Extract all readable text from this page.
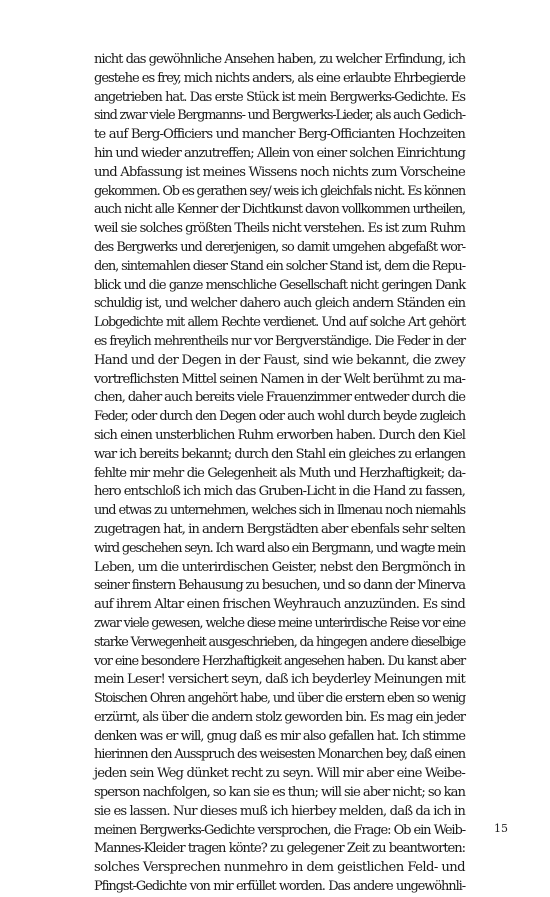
nicht das gewöhnliche Ansehen haben, zu welcher Erfindung, ich
gestehe es frey, mich nichts anders, als eine erlaubte Ehrbegierde
angetrieben hat. Das erste Stück ist mein Bergwerks-Gedichte. Es
sind zwar viele Bergmanns- und Bergwerks-Lieder, als auch Gedich-
te auf Berg-Officiers und mancher Berg-Officianten Hochzeiten
hin und wieder anzutreffen; Allein von einer solchen Einrichtung
und Abfassung ist meines Wissens noch nichts zum Vorscheine
gekommen. Ob es gerathen sey/ weis ich gleichfals nicht. Es können
auch nicht alle Kenner der Dichtkunst davon vollkommen urtheilen,
weil sie solches größten Theils nicht verstehen. Es ist zum Ruhm
des Bergwerks und dererjenigen, so damit umgehen abgefaßt wor-
den, sintemahlen dieser Stand ein solcher Stand ist, dem die Repu-
blick und die ganze menschliche Gesellschaft nicht geringen Dank
schuldig ist, und welcher dahero auch gleich andern Ständen ein
Lobgedichte mit allem Rechte verdienet. Und auf solche Art gehört
es freylich mehrentheils nur vor Bergverständige. Die Feder in der
Hand und der Degen in der Faust, sind wie bekannt, die zwey
vortreflichsten Mittel seinen Namen in der Welt berühmt zu ma-
chen, daher auch bereits viele Frauenzimmer entweder durch die
Feder, oder durch den Degen oder auch wohl durch beyde zugleich
sich einen unsterblichen Ruhm erworben haben. Durch den Kiel
war ich bereits bekannt; durch den Stahl ein gleiches zu erlangen
fehlte mir mehr die Gelegenheit als Muth und Herzhaftigkeit; da-
hero entschloß ich mich das Gruben-Licht in die Hand zu fassen,
und etwas zu unternehmen, welches sich in Ilmenau noch niemahls
zugetragen hat, in andern Bergstädten aber ebenfals sehr selten
wird geschehen seyn. Ich ward also ein Bergmann, und wagte mein
Leben, um die unterirdischen Geister, nebst den Bergmönch in
seiner finstern Behausung zu besuchen, und so dann der Minerva
auf ihrem Altar einen frischen Weyhrauch anzuzünden. Es sind
zwar viele gewesen, welche diese meine unterirdische Reise vor eine
starke Verwegenheit ausgeschrieben, da hingegen andere dieselbige
vor eine besondere Herzhaftigkeit angesehen haben. Du kanst aber
mein Leser! versichert seyn, daß ich beyderley Meinungen mit
Stoischen Ohren angehört habe, und über die erstern eben so wenig
erzürnt, als über die andern stolz geworden bin. Es mag ein jeder
denken was er will, gnug daß es mir also gefallen hat. Ich stimme
hierinnen den Ausspruch des weisesten Monarchen bey, daß einen
jeden sein Weg dünket recht zu seyn. Will mir aber eine Weibe-
sperson nachfolgen, so kan sie es thun; will sie aber nicht; so kan
sie es lassen. Nur dieses muß ich hierbey melden, daß da ich in
meinen Bergwerks-Gedichte versprochen, die Frage: Ob ein Weib-
Mannes-Kleider tragen könte? zu gelegener Zeit zu beantworten:
solches Versprechen nunmehro in dem geistlichen Feld- und
Pfingst-Gedichte von mir erfüllet worden. Das andere ungewöhnli-
15
